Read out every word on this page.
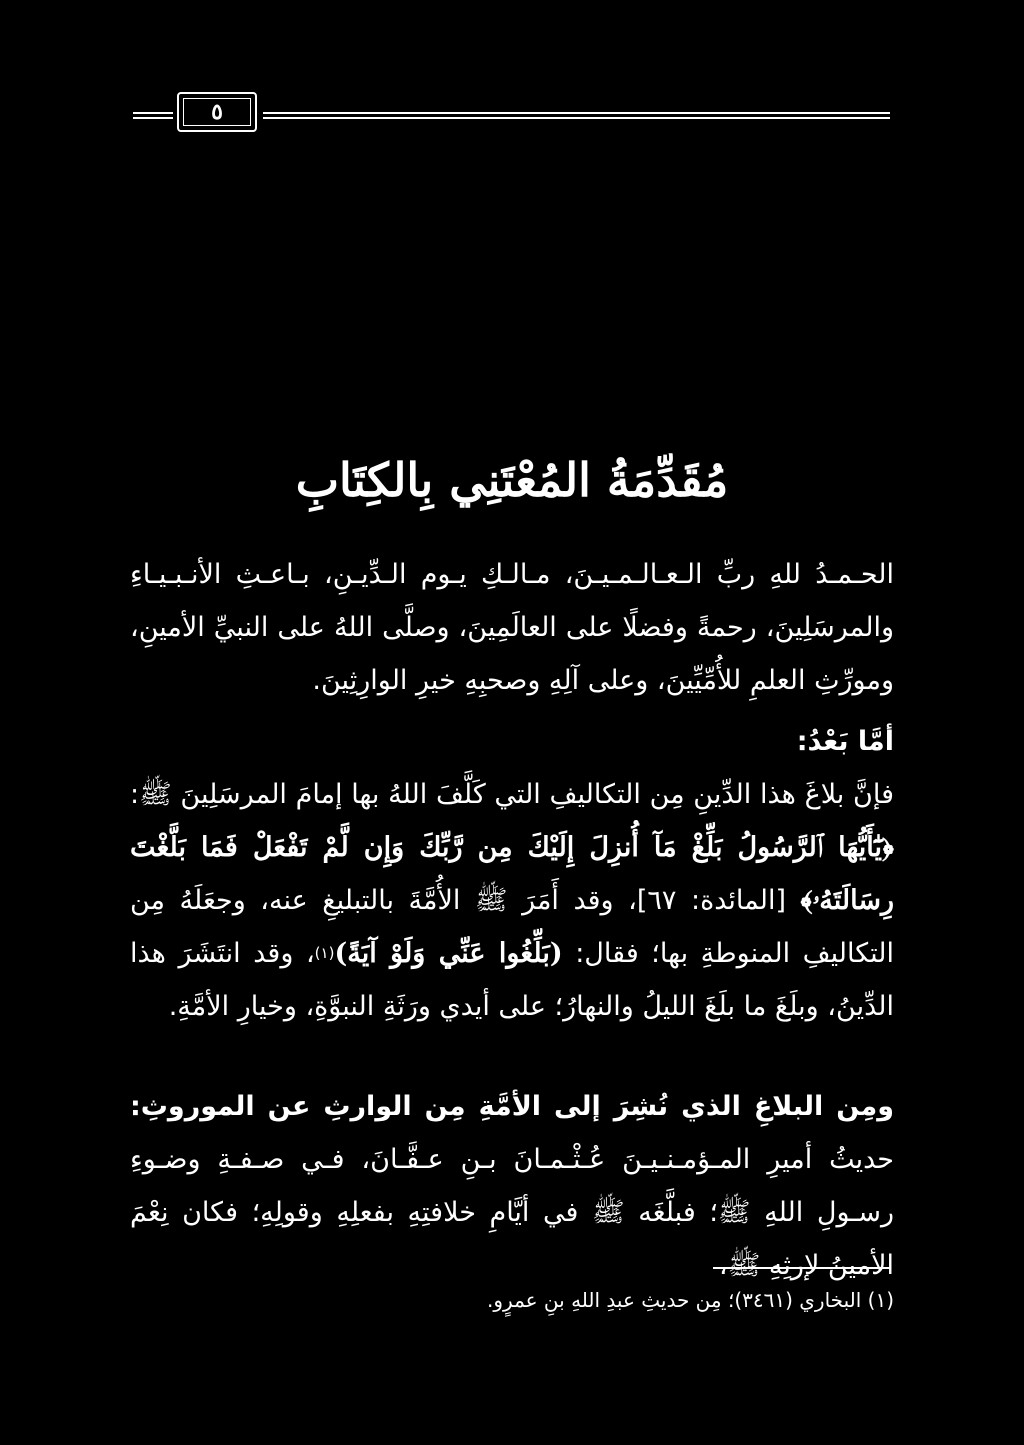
٥
مُقَدِّمَةُ المُعْتَنِي بِالكِتَابِ
الحـمـدُ للهِ ربِّ الـعـالـمـيـنَ، مـالـكِ يـوم الـدِّيـنِ، بـاعـثِ الأنـبـيـاءِ والمرسَلِينَ، رحمةً وفضلًا على العالَمِينَ، وصلَّى اللهُ على النبيِّ الأمينِ، ومورِّثِ العلمِ للأُمِّيِّينَ، وعلى آلِهِ وصحبِهِ خيرِ الوارِثِينَ.
أمَّا بَعْدُ:
فإنَّ بلاغَ هذا الدِّينِ مِن التكاليفِ التي كَلَّفَ اللهُ بها إمامَ المرسَلِينَ ﷺ: ﴿يَٰٓأَيُّهَا ٱلرَّسُولُ بَلِّغْ مَآ أُنزِلَ إِلَيْكَ مِن رَّبِّكَ وَإِن لَّمْ تَفْعَلْ فَمَا بَلَّغْتَ رِسَالَتَهُۥ﴾ [المائدة: ٦٧]، وقد أَمَرَ ﷺ الأُمَّةَ بالتبليغِ عنه، وجعَلَهُ مِن التكاليفِ المنوطةِ بها؛ فقال: (بَلِّغُوا عَنِّي وَلَوْ آيَةً)$^{(١)}$، وقد انتَشَرَ هذا الدِّينُ، وبلَغَ ما بلَغَ الليلُ والنهارُ؛ على أيدي ورَثَةِ النبوَّةِ، وخيارِ الأمَّةِ.
ومِن البلاغِ الذي نُشِرَ إلى الأمَّةِ مِن الوارثِ عن الموروثِ: حديثُ أميرِ المـؤمـنـيـنَ عُـثْـمـانَ بـنِ عـفَّـانَ، فـي صـفـةِ وضـوءِ رسـولِ اللهِ ﷺ؛ فبلَّغَه ﷺ في أيَّامِ خلافتِهِ بفعلِهِ وقولِهِ؛ فكان نِعْمَ الأمينُ لإرثِهِ ﷺ،
(١) البخاري (٣٤٦١)؛ مِن حديثِ عبدِ اللهِ بنِ عمرٍو.
